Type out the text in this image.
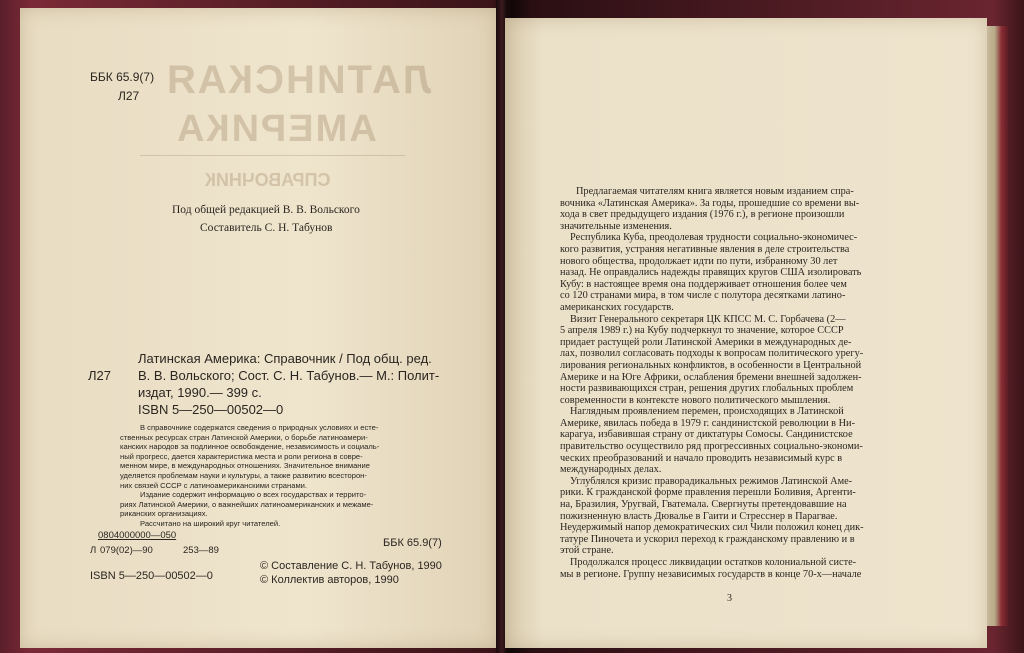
ЛАТИНСКАЯ
АМЕРИКА
СПРАВОЧНИК
ББК 65.9(7)
Л27
Под общей редакцией В. В. Вольского
Составитель С. Н. Табунов
Л27
Латинская Америка: Справочник / Под общ. ред.
В. В. Вольского; Сост. С. Н. Табунов.— М.: Полит-
издат, 1990.— 399 с.
ISBN 5—250—00502—0
В справочнике содержатся сведения о природных условиях и есте-
ственных ресурсах стран Латинской Америки, о борьбе латиноамери-
канских народов за подлинное освобождение, независимость и социаль-
ный прогресс, дается характеристика места и роли региона в совре-
менном мире, в международных отношениях. Значительное внимание
уделяется проблемам науки и культуры, а также развитию всесторон-
них связей СССР с латиноамериканскими странами.
Издание содержит информацию о всех государствах и террито-
риях Латинской Америки, о важнейших латиноамериканских и межаме-
риканских организациях.
Рассчитано на широкий круг читателей.
Л
0804000000—050
079(02)—90	253—89
ББК 65.9(7)
ISBN 5—250—00502—0
© Составление С. Н. Табунов, 1990
© Коллектив авторов, 1990
Предлагаемая читателям книга является новым изданием спра-
вочника «Латинская Америка». За годы, прошедшие со времени вы-
хода в свет предыдущего издания (1976 г.), в регионе произошли
значительные изменения.
Республика Куба, преодолевая трудности социально-экономичес-
кого развития, устраняя негативные явления в деле строительства
нового общества, продолжает идти по пути, избранному 30 лет
назад. Не оправдались надежды правящих кругов США изолировать
Кубу: в настоящее время она поддерживает отношения более чем
со 120 странами мира, в том числе с полутора десятками латино-
американских государств.
Визит Генерального секретаря ЦК КПСС М. С. Горбачева (2—
5 апреля 1989 г.) на Кубу подчеркнул то значение, которое СССР
придает растущей роли Латинской Америки в международных де-
лах, позволил согласовать подходы к вопросам политического урегу-
лирования региональных конфликтов, в особенности в Центральной
Америке и на Юге Африки, ослабления бремени внешней задолжен-
ности развивающихся стран, решения других глобальных проблем
современности в контексте нового политического мышления.
Наглядным проявлением перемен, происходящих в Латинской
Америке, явилась победа в 1979 г. сандинистской революции в Ни-
карагуа, избавившая страну от диктатуры Сомосы. Сандинистское
правительство осуществило ряд прогрессивных социально-экономи-
ческих преобразований и начало проводить независимый курс в
международных делах.
Углублялся кризис праворадикальных режимов Латинской Аме-
рики. К гражданской форме правления перешли Боливия, Аргенти-
на, Бразилия, Уругвай, Гватемала. Свергнуты претендовавшие на
пожизненную власть Дювалье в Гаити и Стресснер в Парагвае.
Неудержимый напор демократических сил Чили положил конец дик-
татуре Пиночета и ускорил переход к гражданскому правлению и в
этой стране.
Продолжался процесс ликвидации остатков колониальной систе-
мы в регионе. Группу независимых государств в конце 70-х—начале
3
